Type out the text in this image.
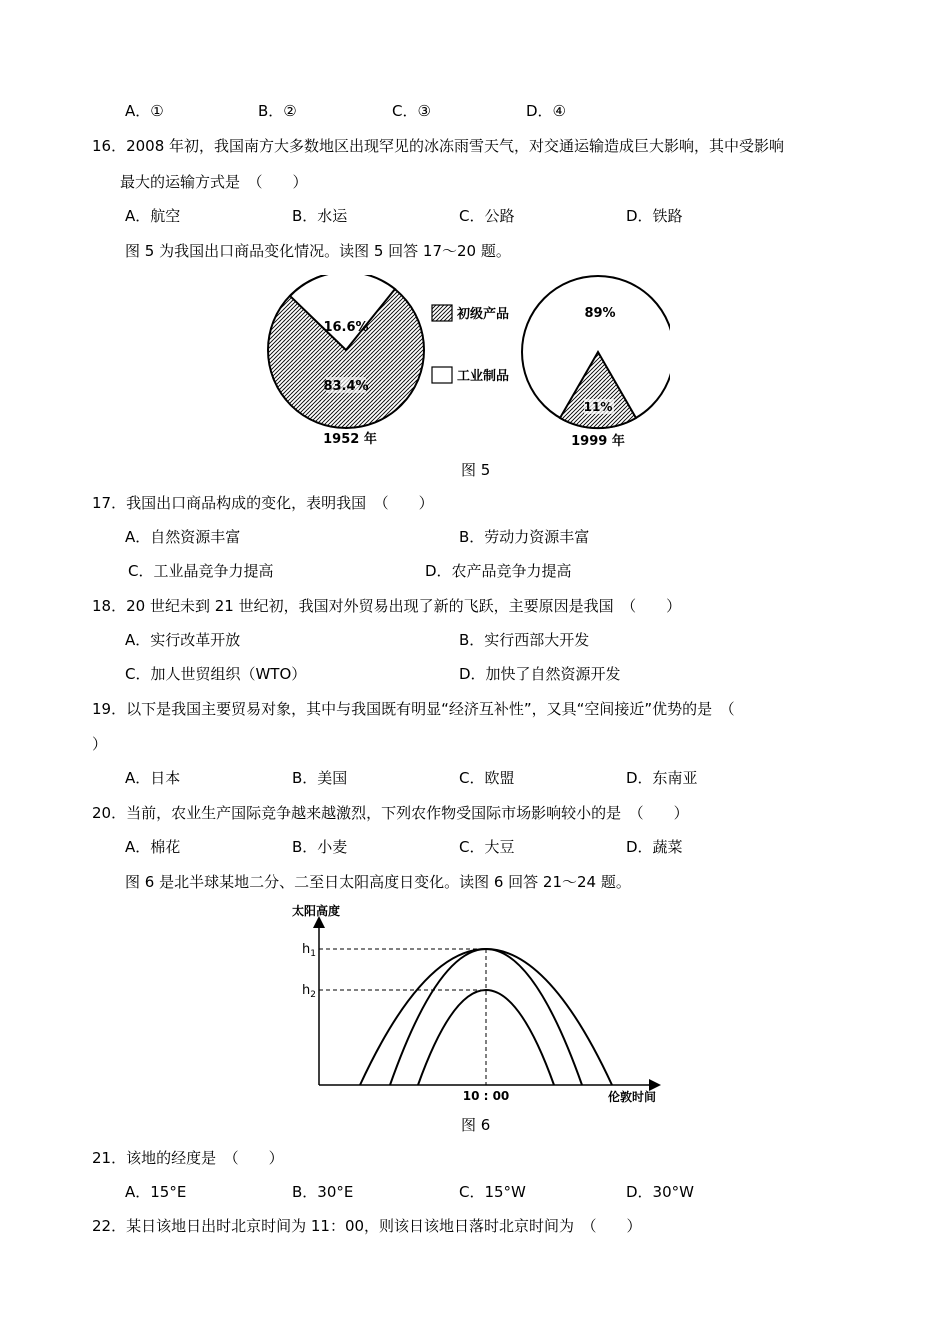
A．①	B．②	C．③	D．④
16．2008 年初，我国南方大多数地区出现罕见的冰冻雨雪天气，对交通运输造成巨大影响，其中受影响
最大的运输方式是　（　　）
A．航空	B．水运	C．公路	D．铁路
图 5 为我国出口商品变化情况。读图 5 回答 17～20 题。
16.6%
83.4%
1952 年
初级产品
工业制品
89%
11%
1999 年
图 5
17．我国出口商品构成的变化，表明我国　（　　）
A．自然资源丰富	B．劳动力资源丰富
C．工业晶竞争力提高	D．农产品竞争力提高
18．20 世纪未到 21 世纪初，我国对外贸易出现了新的飞跃，主要原因是我国　（　　）
A．实行改革开放	B．实行西部大开发
C．加人世贸组织（WTO）	D．加快了自然资源开发
19．以下是我国主要贸易对象，其中与我国既有明显“经济互补性”，又具“空间接近”优势的是　（
）
A．日本	B．美国	C．欧盟	D．东南亚
20．当前，农业生产国际竞争越来越激烈，下列农作物受国际市场影响较小的是　（　　）
A．棉花	B．小麦	C．大豆	D．蔬菜
图 6 是北半球某地二分、二至日太阳高度日变化。读图 6 回答 21～24 题。
太阳高度
$h_1$
$h_2$
10 : 00	伦敦时间
图 6
21．该地的经度是　（　　）
A．15°E	B．30°E	C．15°W	D．30°W
22．某日该地日出时北京时间为 11：00，则该日该地日落时北京时间为　（　　）
